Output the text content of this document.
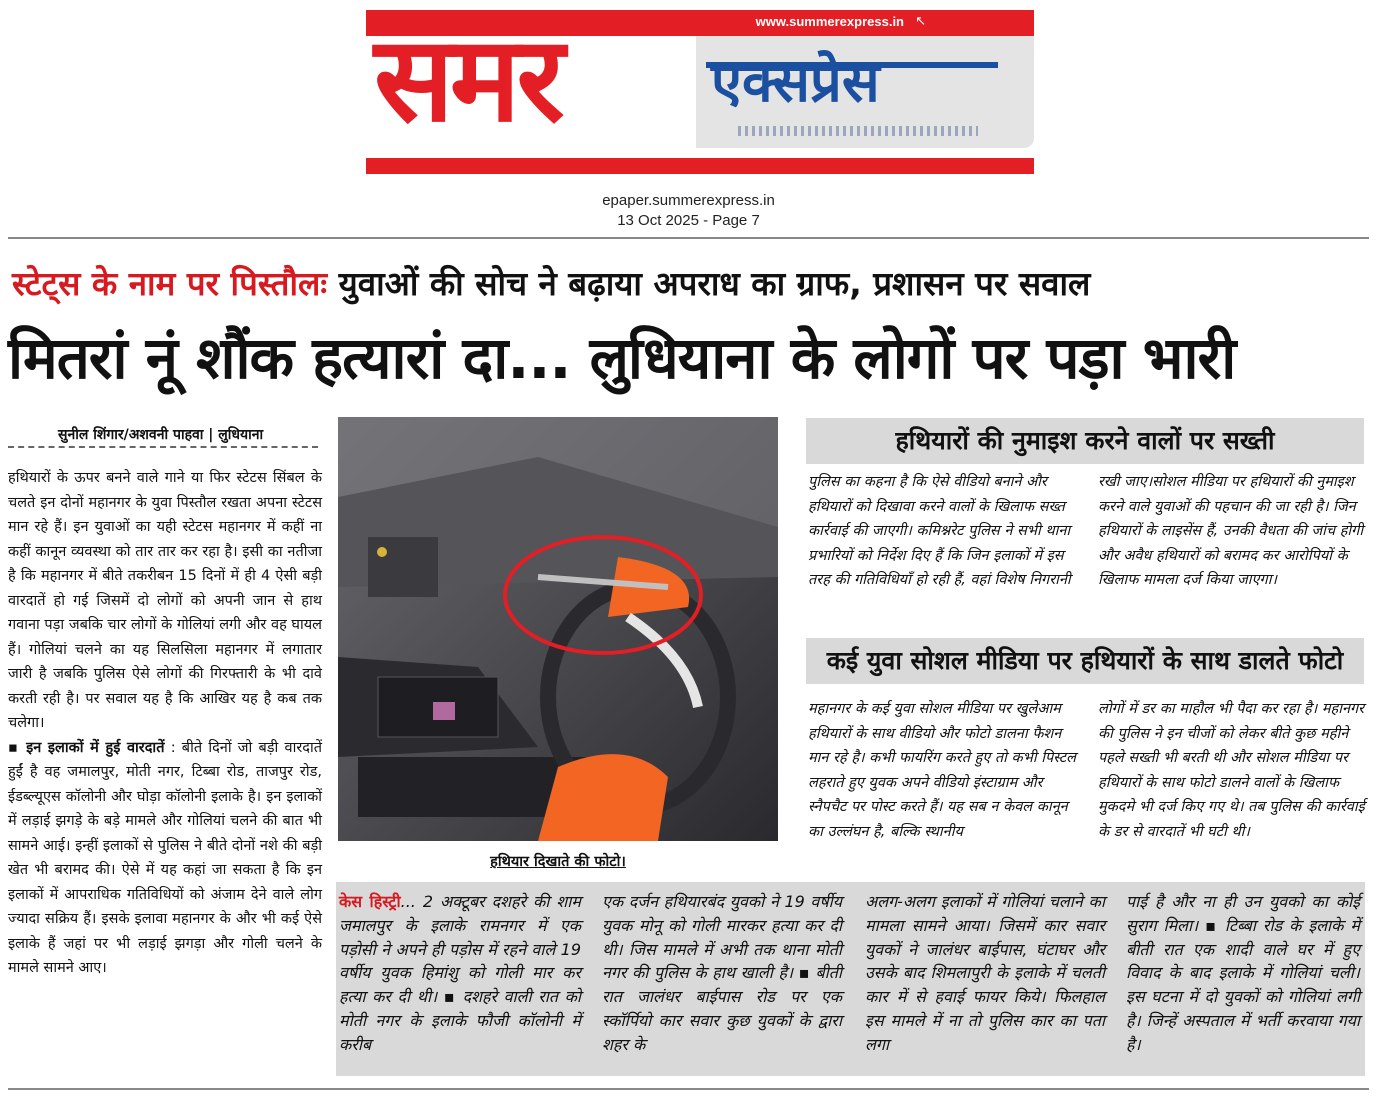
समर	एक्सप्रेस
www.summerexpress.in ↖
epaper.summerexpress.in
13 Oct 2025 - Page 7
स्टेट्स के नाम पर पिस्तौलः युवाओं की सोच ने बढ़ाया अपराध का ग्राफ, प्रशासन पर सवाल
मितरां नूं शौंक हत्यारां दा... लुधियाना के लोगों पर पड़ा भारी
सुनील शिंगार/अशवनी पाहवा | लुधियाना

हथियारों के ऊपर बनने वाले गाने या फिर स्टेटस सिंबल के चलते इन दोनों महानगर के युवा पिस्तौल रखता अपना स्टेटस मान रहे हैं। इन युवाओं का यही स्टेटस महानगर में कहीं ना कहीं कानून व्यवस्था को तार तार कर रहा है। इसी का नतीजा है कि महानगर में बीते तकरीबन 15 दिनों में ही 4 ऐसी बड़ी वारदातें हो गई जिसमें दो लोगों को अपनी जान से हाथ गवाना पड़ा जबकि चार लोगों के गोलियां लगी और वह घायल हैं। गोलियां चलने का यह सिलसिला महानगर में लगातार जारी है जबकि पुलिस ऐसे लोगों की गिरफ्तारी के भी दावे करती रही है। पर सवाल यह है कि आखिर यह है कब तक चलेगा।

▪ इन इलाकों में हुई वारदातें : बीते दिनों जो बड़ी वारदातें हुईं है वह जमालपुर, मोती नगर, टिब्बा रोड, ताजपुर रोड, ईडब्ल्यूएस कॉलोनी और घोड़ा कॉलोनी इलाके है। इन इलाकों में लड़ाई झगड़े के बड़े मामले और गोलियां चलने की बात भी सामने आई। इन्हीं इलाकों से पुलिस ने बीते दोनों नशे की बड़ी खेत भी बरामद की। ऐसे में यह कहां जा सकता है कि इन इलाकों में आपराधिक गतिविधियों को अंजाम देने वाले लोग ज्यादा सक्रिय हैं। इसके इलावा महानगर के और भी कई ऐसे इलाके हैं जहां पर भी लड़ाई झगड़ा और गोली चलने के मामले सामने आए।

हथियार दिखाते की फोटो।
हथियारों की नुमाइश करने वालों पर सख्ती
पुलिस का कहना है कि ऐसे वीडियो बनाने और हथियारों को दिखावा करने वालों के खिलाफ सख्त कार्रवाई की जाएगी। कमिश्नरेट पुलिस ने सभी थाना प्रभारियों को निर्देश दिए हैं कि जिन इलाकों में इस तरह की गतिविधियाँ हो रही हैं, वहां विशेष निगरानी
रखी जाए।सोशल मीडिया पर हथियारों की नुमाइश करने वाले युवाओं की पहचान की जा रही है। जिन हथियारों के लाइसेंस हैं, उनकी वैधता की जांच होगी और अवैध हथियारों को बरामद कर आरोपियों के खिलाफ मामला दर्ज किया जाएगा।
कई युवा सोशल मीडिया पर हथियारों के साथ डालते फोटो
महानगर के कई युवा सोशल मीडिया पर खुलेआम हथियारों के साथ वीडियो और फोटो डालना फैशन मान रहे है। कभी फायरिंग करते हुए तो कभी पिस्टल लहराते हुए युवक अपने वीडियो इंस्टाग्राम और स्नैपचैट पर पोस्ट करते हैं। यह सब न केवल कानून का उल्लंघन है, बल्कि स्थानीय
लोगों में डर का माहौल भी पैदा कर रहा है। महानगर की पुलिस ने इन चीजों को लेकर बीते कुछ महीने पहले सख्ती भी बरती थी और सोशल मीडिया पर हथियारों के साथ फोटो डालने वालों के खिलाफ मुकदमे भी दर्ज किए गए थे। तब पुलिस की कार्रवाई के डर से वारदातें भी घटी थी।
केस हिस्ट्री... 2 अक्टूबर दशहरे की शाम जमालपुर के इलाके रामनगर में एक पड़ोसी ने अपने ही पड़ोस में रहने वाले 19 वर्षीय युवक हिमांशु को गोली मार कर हत्या कर दी थी। ▪ दशहरे वाली रात को मोती नगर के इलाके फौजी कॉलोनी में करीब
एक दर्जन हथियारबंद युवको ने 19 वर्षीय युवक मोनू को गोली मारकर हत्या कर दी थी। जिस मामले में अभी तक थाना मोती नगर की पुलिस के हाथ खाली है। ▪ बीती रात जालंधर बाईपास रोड पर एक स्कॉर्पियो कार सवार कुछ युवकों के द्वारा शहर के
अलग-अलग इलाकों में गोलियां चलाने का मामला सामने आया। जिसमें कार सवार युवकों ने जालंधर बाईपास, घंटाघर और उसके बाद शिमलापुरी के इलाके में चलती कार में से हवाई फायर किये। फिलहाल इस मामले में ना तो पुलिस कार का पता लगा
पाई है और ना ही उन युवको का कोई सुराग मिला। ▪ टिब्बा रोड के इलाके में बीती रात एक शादी वाले घर में हुए विवाद के बाद इलाके में गोलियां चली। इस घटना में दो युवकों को गोलियां लगी है। जिन्हें अस्पताल में भर्ती करवाया गया है।
